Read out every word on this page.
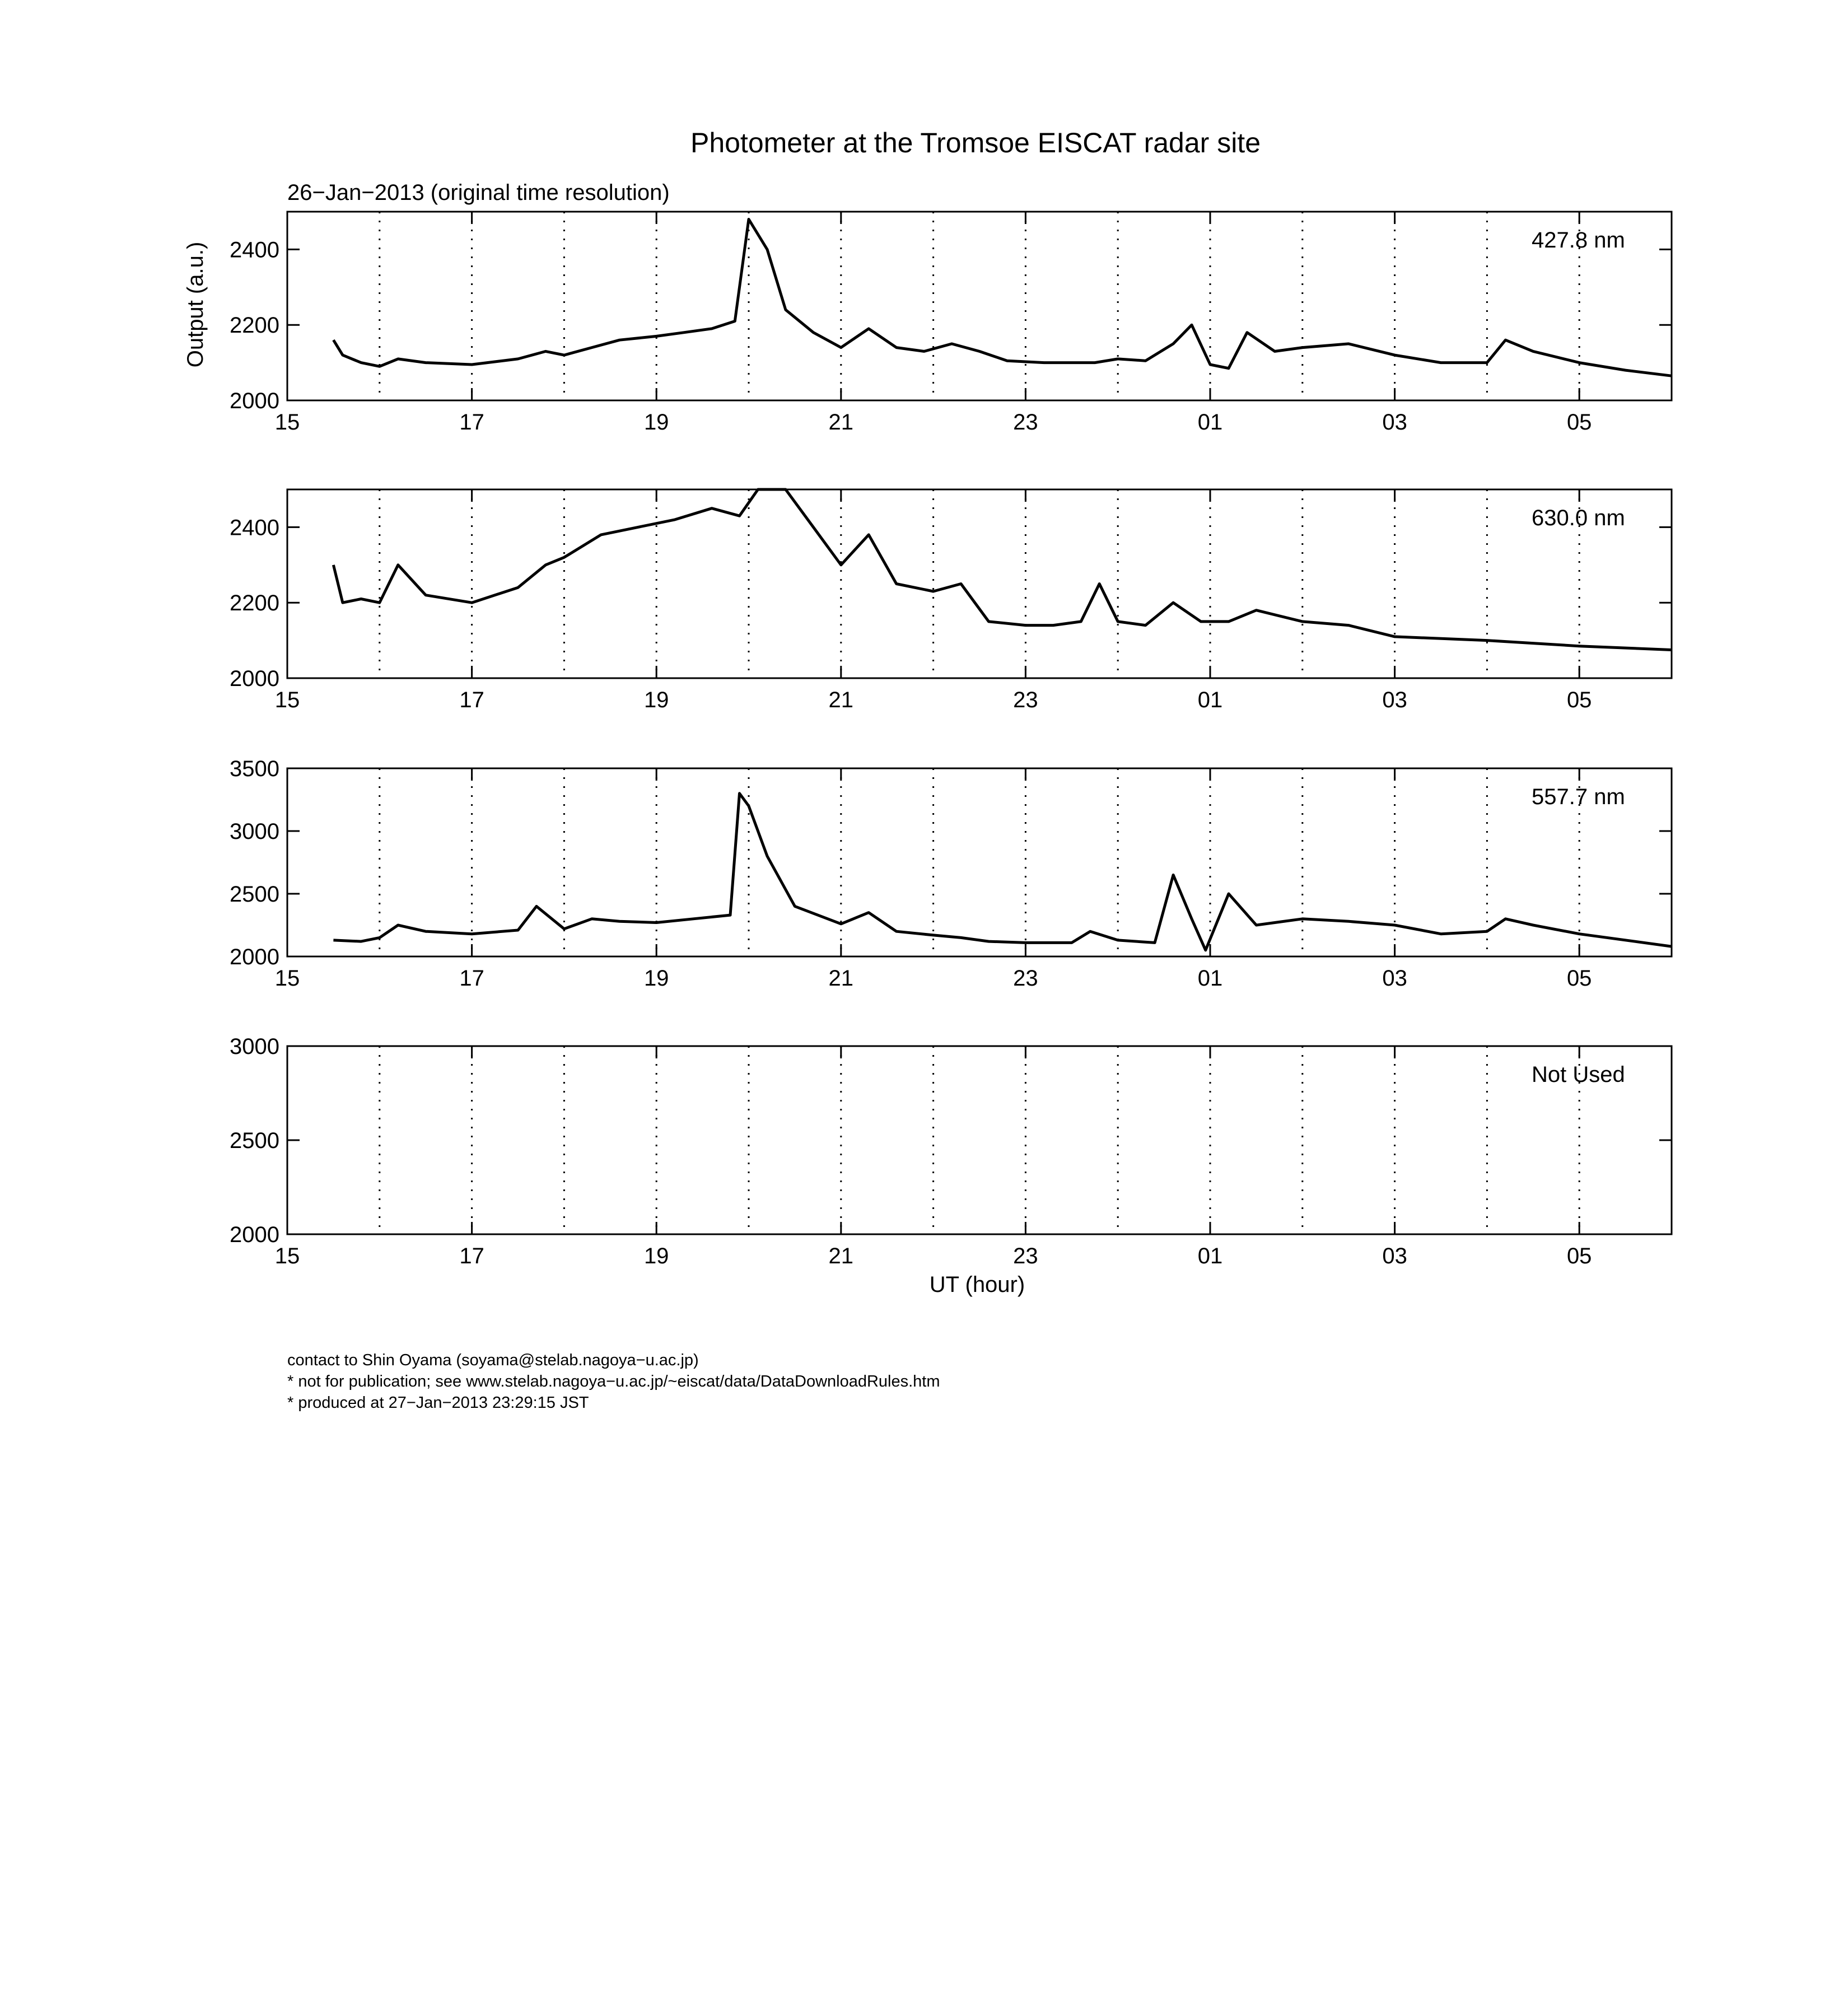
Photometer at the Tromsoe EISCAT radar site
26−Jan−2013 (original time resolution)
Output (a.u.)
UT (hour)
2000
2200
2400
15	17	19	21	23	01	03	05
427.8 nm
2000
2200
2400
15	17	19	21	23	01	03	05
630.0 nm
2000
2500
3000
3500
15	17	19	21	23	01	03	05
557.7 nm
2000
2500
3000
15	17	19	21	23	01	03	05
Not Used
contact to Shin Oyama (soyama@stelab.nagoya−u.ac.jp)
* not for publication; see www.stelab.nagoya−u.ac.jp/~eiscat/data/DataDownloadRules.htm
* produced at 27−Jan−2013 23:29:15 JST
